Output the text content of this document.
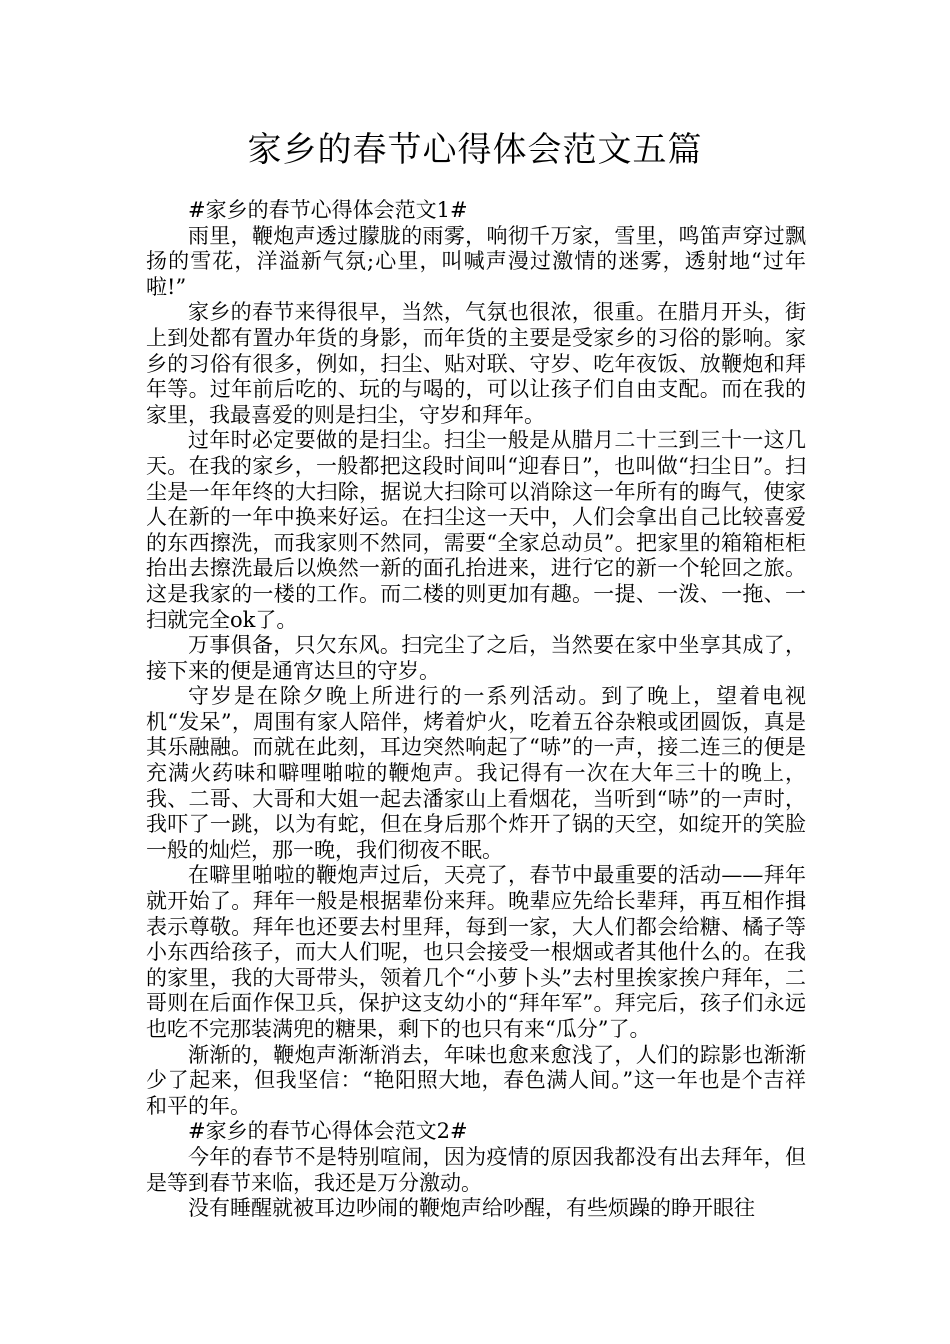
家乡的春节心得体会范文五篇

#家乡的春节心得体会范文1#

雨里，鞭炮声透过朦胧的雨雾，响彻千万家，雪里，鸣笛声穿过飘扬的雪花，洋溢新气氛;心里，叫喊声漫过激情的迷雾，透射地“过年啦!”

家乡的春节来得很早，当然，气氛也很浓，很重。在腊月开头，街上到处都有置办年货的身影，而年货的主要是受家乡的习俗的影响。家乡的习俗有很多，例如，扫尘、贴对联、守岁、吃年夜饭、放鞭炮和拜年等。过年前后吃的、玩的与喝的，可以让孩子们自由支配。而在我的家里，我最喜爱的则是扫尘，守岁和拜年。

过年时必定要做的是扫尘。扫尘一般是从腊月二十三到三十一这几天。在我的家乡，一般都把这段时间叫“迎春日”，也叫做“扫尘日”。扫尘是一年年终的大扫除，据说大扫除可以消除这一年所有的晦气，使家人在新的一年中换来好运。在扫尘这一天中，人们会拿出自己比较喜爱的东西擦洗，而我家则不然同，需要“全家总动员”。把家里的箱箱柜柜抬出去擦洗最后以焕然一新的面孔抬进来，进行它的新一个轮回之旅。这是我家的一楼的工作。而二楼的则更加有趣。一提、一泼、一拖、一扫就完全ok了。

万事俱备，只欠东风。扫完尘了之后，当然要在家中坐享其成了，接下来的便是通宵达旦的守岁。

守岁是在除夕晚上所进行的一系列活动。到了晚上，望着电视机“发呆”，周围有家人陪伴，烤着炉火，吃着五谷杂粮或团圆饭，真是其乐融融。而就在此刻，耳边突然响起了“哧”的一声，接二连三的便是充满火药味和噼哩啪啦的鞭炮声。我记得有一次在大年三十的晚上，我、二哥、大哥和大姐一起去潘家山上看烟花，当听到“哧”的一声时，我吓了一跳，以为有蛇，但在身后那个炸开了锅的天空，如绽开的笑脸一般的灿烂，那一晚，我们彻夜不眠。

在噼里啪啦的鞭炮声过后，天亮了，春节中最重要的活动——拜年就开始了。拜年一般是根据辈份来拜。晚辈应先给长辈拜，再互相作揖表示尊敬。拜年也还要去村里拜，每到一家，大人们都会给糖、橘子等小东西给孩子，而大人们呢，也只会接受一根烟或者其他什么的。在我的家里，我的大哥带头，领着几个“小萝卜头”去村里挨家挨户拜年，二哥则在后面作保卫兵，保护这支幼小的“拜年军”。拜完后，孩子们永远也吃不完那装满兜的糖果，剩下的也只有来“瓜分”了。

渐渐的，鞭炮声渐渐消去，年味也愈来愈浅了，人们的踪影也渐渐少了起来，但我坚信：“艳阳照大地，春色满人间。”这一年也是个吉祥和平的年。

#家乡的春节心得体会范文2#

今年的春节不是特别喧闹，因为疫情的原因我都没有出去拜年，但是等到春节来临，我还是万分激动。

没有睡醒就被耳边吵闹的鞭炮声给吵醒，有些烦躁的睁开眼往
